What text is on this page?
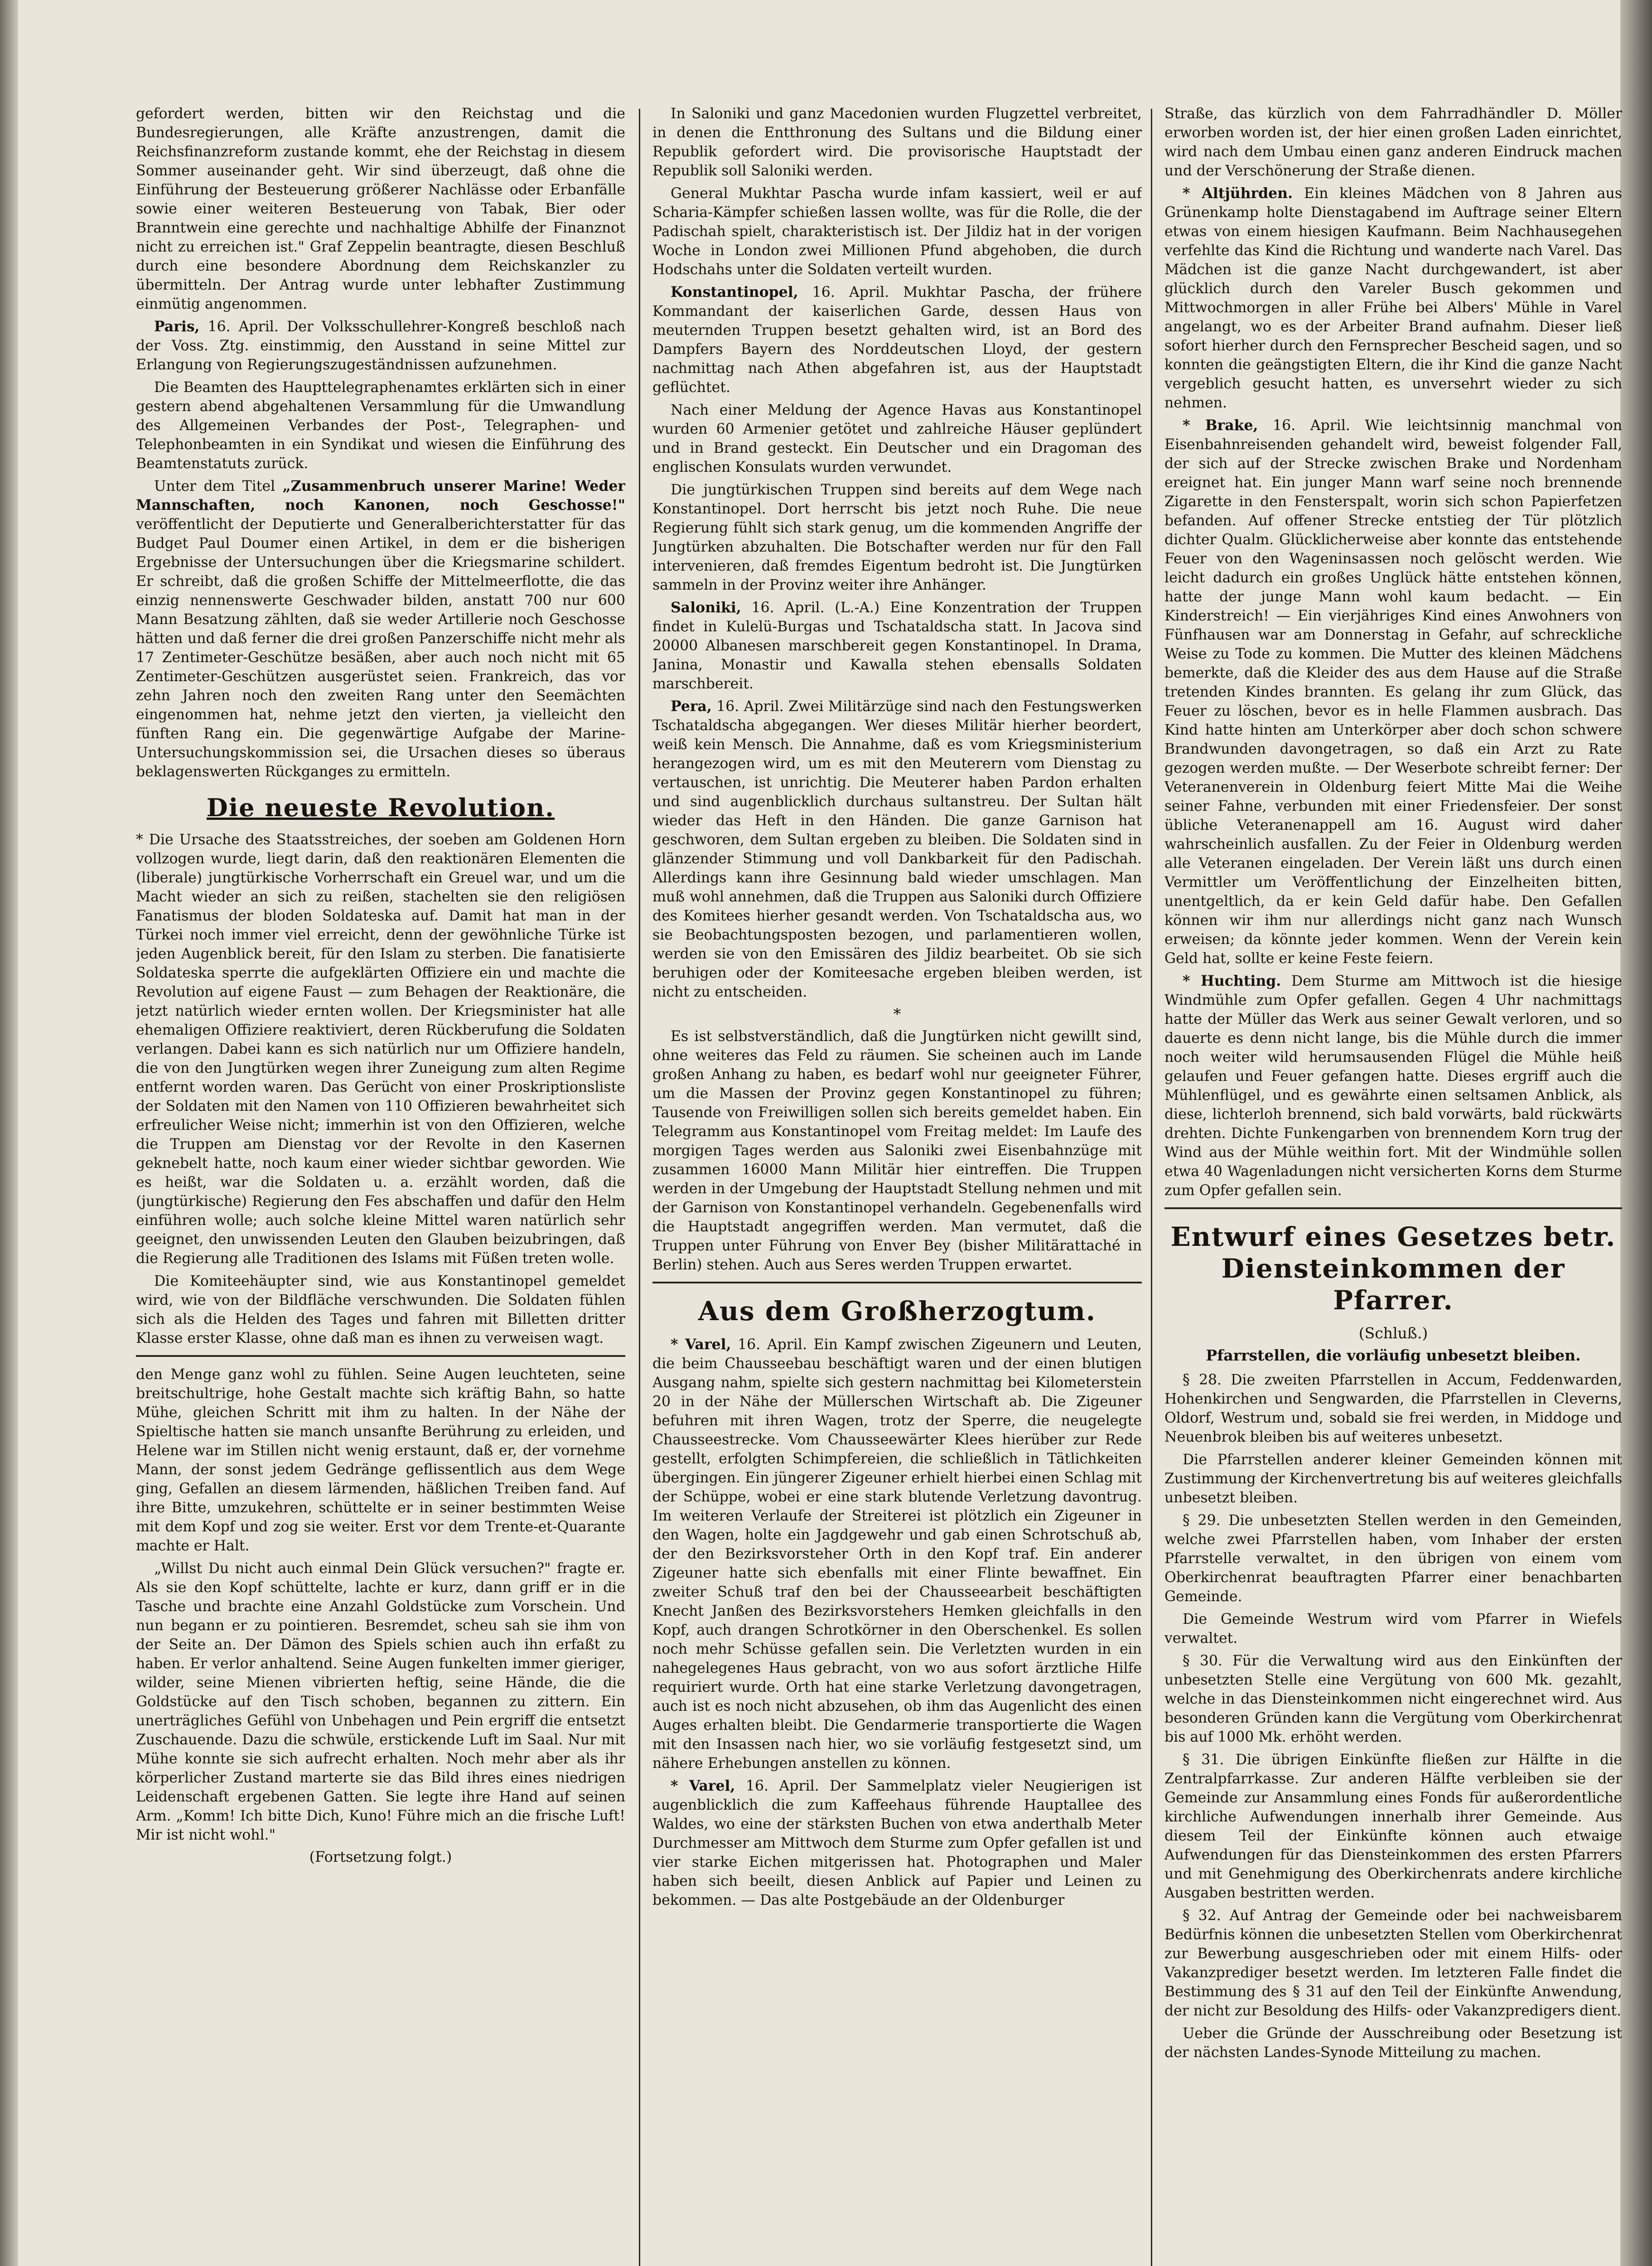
gefordert werden, bitten wir den Reichstag und die Bundesregierungen, alle Kräfte anzustrengen, damit die Reichsfinanzreform zustande kommt, ehe der Reichstag in diesem Sommer auseinander geht. Wir sind überzeugt, daß ohne die Einführung der Besteuerung größerer Nachlässe oder Erbanfälle sowie einer weiteren Besteuerung von Tabak, Bier oder Branntwein eine gerechte und nachhaltige Abhilfe der Finanznot nicht zu erreichen ist." Graf Zeppelin beantragte, diesen Beschluß durch eine besondere Abordnung dem Reichskanzler zu übermitteln. Der Antrag wurde unter lebhafter Zustimmung einmütig angenommen.

Paris, 16. April. Der Volksschullehrer-Kongreß beschloß nach der Voss. Ztg. einstimmig, den Ausstand in seine Mittel zur Erlangung von Regierungszugeständnissen aufzunehmen.

Die Beamten des Haupttelegraphenamtes erklärten sich in einer gestern abend abgehaltenen Versammlung für die Umwandlung des Allgemeinen Verbandes der Post-, Telegraphen- und Telephonbeamten in ein Syndikat und wiesen die Einführung des Beamtenstatuts zurück.

Unter dem Titel „Zusammenbruch unserer Marine! Weder Mannschaften, noch Kanonen, noch Geschosse!" veröffentlicht der Deputierte und Generalberichterstatter für das Budget Paul Doumer einen Artikel, in dem er die bisherigen Ergebnisse der Untersuchungen über die Kriegsmarine schildert. Er schreibt, daß die großen Schiffe der Mittelmeerflotte, die das einzig nennenswerte Geschwader bilden, anstatt 700 nur 600 Mann Besatzung zählten, daß sie weder Artillerie noch Geschosse hätten und daß ferner die drei großen Panzerschiffe nicht mehr als 17 Zentimeter-Geschütze besäßen, aber auch noch nicht mit 65 Zentimeter-Geschützen ausgerüstet seien. Frankreich, das vor zehn Jahren noch den zweiten Rang unter den Seemächten eingenommen hat, nehme jetzt den vierten, ja vielleicht den fünften Rang ein. Die gegenwärtige Aufgabe der Marine-Untersuchungskommission sei, die Ursachen dieses so überaus beklagenswerten Rückganges zu ermitteln.

Die neueste Revolution.

* Die Ursache des Staatsstreiches, der soeben am Goldenen Horn vollzogen wurde, liegt darin, daß den reaktionären Elementen die (liberale) jungtürkische Vorherrschaft ein Greuel war, und um die Macht wieder an sich zu reißen, stachelten sie den religiösen Fanatismus der bloden Soldateska auf. Damit hat man in der Türkei noch immer viel erreicht, denn der gewöhnliche Türke ist jeden Augenblick bereit, für den Islam zu sterben. Die fanatisierte Soldateska sperrte die aufgeklärten Offiziere ein und machte die Revolution auf eigene Faust — zum Behagen der Reaktionäre, die jetzt natürlich wieder ernten wollen. Der Kriegsminister hat alle ehemaligen Offiziere reaktiviert, deren Rückberufung die Soldaten verlangen. Dabei kann es sich natürlich nur um Offiziere handeln, die von den Jungtürken wegen ihrer Zuneigung zum alten Regime entfernt worden waren. Das Gerücht von einer Proskriptionsliste der Soldaten mit den Namen von 110 Offizieren bewahrheitet sich erfreulicher Weise nicht; immerhin ist von den Offizieren, welche die Truppen am Dienstag vor der Revolte in den Kasernen geknebelt hatte, noch kaum einer wieder sichtbar geworden. Wie es heißt, war die Soldaten u. a. erzählt worden, daß die (jungtürkische) Regierung den Fes abschaffen und dafür den Helm einführen wolle; auch solche kleine Mittel waren natürlich sehr geeignet, den unwissenden Leuten den Glauben beizubringen, daß die Regierung alle Traditionen des Islams mit Füßen treten wolle.

Die Komiteehäupter sind, wie aus Konstantinopel gemeldet wird, wie von der Bildfläche verschwunden. Die Soldaten fühlen sich als die Helden des Tages und fahren mit Billetten dritter Klasse erster Klasse, ohne daß man es ihnen zu verweisen wagt.

den Menge ganz wohl zu fühlen. Seine Augen leuchteten, seine breitschultrige, hohe Gestalt machte sich kräftig Bahn, so hatte Mühe, gleichen Schritt mit ihm zu halten. In der Nähe der Spieltische hatten sie manch unsanfte Berührung zu erleiden, und Helene war im Stillen nicht wenig erstaunt, daß er, der vornehme Mann, der sonst jedem Gedränge geflissentlich aus dem Wege ging, Gefallen an diesem lärmenden, häßlichen Treiben fand. Auf ihre Bitte, umzukehren, schüttelte er in seiner bestimmten Weise mit dem Kopf und zog sie weiter. Erst vor dem Trente-et-Quarante machte er Halt.

„Willst Du nicht auch einmal Dein Glück versuchen?" fragte er. Als sie den Kopf schüttelte, lachte er kurz, dann griff er in die Tasche und brachte eine Anzahl Goldstücke zum Vorschein. Und nun begann er zu pointieren. Besremdet, scheu sah sie ihm von der Seite an. Der Dämon des Spiels schien auch ihn erfaßt zu haben. Er verlor anhaltend. Seine Augen funkelten immer gieriger, wilder, seine Mienen vibrierten heftig, seine Hände, die die Goldstücke auf den Tisch schoben, begannen zu zittern. Ein unerträgliches Gefühl von Unbehagen und Pein ergriff die entsetzt Zuschauende. Dazu die schwüle, erstickende Luft im Saal. Nur mit Mühe konnte sie sich aufrecht erhalten. Noch mehr aber als ihr körperlicher Zustand marterte sie das Bild ihres eines niedrigen Leidenschaft ergebenen Gatten. Sie legte ihre Hand auf seinen Arm. „Komm! Ich bitte Dich, Kuno! Führe mich an die frische Luft! Mir ist nicht wohl."

(Fortsetzung folgt.)

In Saloniki und ganz Macedonien wurden Flugzettel verbreitet, in denen die Entthronung des Sultans und die Bildung einer Republik gefordert wird. Die provisorische Hauptstadt der Republik soll Saloniki werden.

General Mukhtar Pascha wurde infam kassiert, weil er auf Scharia-Kämpfer schießen lassen wollte, was für die Rolle, die der Padischah spielt, charakteristisch ist. Der Jildiz hat in der vorigen Woche in London zwei Millionen Pfund abgehoben, die durch Hodschahs unter die Soldaten verteilt wurden.

Konstantinopel, 16. April. Mukhtar Pascha, der frühere Kommandant der kaiserlichen Garde, dessen Haus von meuternden Truppen besetzt gehalten wird, ist an Bord des Dampfers Bayern des Norddeutschen Lloyd, der gestern nachmittag nach Athen abgefahren ist, aus der Hauptstadt geflüchtet.

Nach einer Meldung der Agence Havas aus Konstantinopel wurden 60 Armenier getötet und zahlreiche Häuser geplündert und in Brand gesteckt. Ein Deutscher und ein Dragoman des englischen Konsulats wurden verwundet.

Die jungtürkischen Truppen sind bereits auf dem Wege nach Konstantinopel. Dort herrscht bis jetzt noch Ruhe. Die neue Regierung fühlt sich stark genug, um die kommenden Angriffe der Jungtürken abzuhalten. Die Botschafter werden nur für den Fall intervenieren, daß fremdes Eigentum bedroht ist. Die Jungtürken sammeln in der Provinz weiter ihre Anhänger.

Saloniki, 16. April. (L.-A.) Eine Konzentration der Truppen findet in Kulelü-Burgas und Tschataldscha statt. In Jacova sind 20000 Albanesen marschbereit gegen Konstantinopel. In Drama, Janina, Monastir und Kawalla stehen ebensalls Soldaten marschbereit.

Pera, 16. April. Zwei Militärzüge sind nach den Festungswerken Tschataldscha abgegangen. Wer dieses Militär hierher beordert, weiß kein Mensch. Die Annahme, daß es vom Kriegsministerium herangezogen wird, um es mit den Meuterern vom Dienstag zu vertauschen, ist unrichtig. Die Meuterer haben Pardon erhalten und sind augenblicklich durchaus sultanstreu. Der Sultan hält wieder das Heft in den Händen. Die ganze Garnison hat geschworen, dem Sultan ergeben zu bleiben. Die Soldaten sind in glänzender Stimmung und voll Dankbarkeit für den Padischah. Allerdings kann ihre Gesinnung bald wieder umschlagen. Man muß wohl annehmen, daß die Truppen aus Saloniki durch Offiziere des Komitees hierher gesandt werden. Von Tschataldscha aus, wo sie Beobachtungsposten bezogen, und parlamentieren wollen, werden sie von den Emissären des Jildiz bearbeitet. Ob sie sich beruhigen oder der Komiteesache ergeben bleiben werden, ist nicht zu entscheiden.

*

Es ist selbstverständlich, daß die Jungtürken nicht gewillt sind, ohne weiteres das Feld zu räumen. Sie scheinen auch im Lande großen Anhang zu haben, es bedarf wohl nur geeigneter Führer, um die Massen der Provinz gegen Konstantinopel zu führen; Tausende von Freiwilligen sollen sich bereits gemeldet haben. Ein Telegramm aus Konstantinopel vom Freitag meldet: Im Laufe des morgigen Tages werden aus Saloniki zwei Eisenbahnzüge mit zusammen 16000 Mann Militär hier eintreffen. Die Truppen werden in der Umgebung der Hauptstadt Stellung nehmen und mit der Garnison von Konstantinopel verhandeln. Gegebenenfalls wird die Hauptstadt angegriffen werden. Man vermutet, daß die Truppen unter Führung von Enver Bey (bisher Militärattaché in Berlin) stehen. Auch aus Seres werden Truppen erwartet.

Aus dem Großherzogtum.

* Varel, 16. April. Ein Kampf zwischen Zigeunern und Leuten, die beim Chausseebau beschäftigt waren und der einen blutigen Ausgang nahm, spielte sich gestern nachmittag bei Kilometerstein 20 in der Nähe der Müllerschen Wirtschaft ab. Die Zigeuner befuhren mit ihren Wagen, trotz der Sperre, die neugelegte Chausseestrecke. Vom Chausseewärter Klees hierüber zur Rede gestellt, erfolgten Schimpfereien, die schließlich in Tätlichkeiten übergingen. Ein jüngerer Zigeuner erhielt hierbei einen Schlag mit der Schüppe, wobei er eine stark blutende Verletzung davontrug. Im weiteren Verlaufe der Streiterei ist plötzlich ein Zigeuner in den Wagen, holte ein Jagdgewehr und gab einen Schrotschuß ab, der den Bezirksvorsteher Orth in den Kopf traf. Ein anderer Zigeuner hatte sich ebenfalls mit einer Flinte bewaffnet. Ein zweiter Schuß traf den bei der Chausseearbeit beschäftigten Knecht Janßen des Bezirksvorstehers Hemken gleichfalls in den Kopf, auch drangen Schrotkörner in den Oberschenkel. Es sollen noch mehr Schüsse gefallen sein. Die Verletzten wurden in ein nahegelegenes Haus gebracht, von wo aus sofort ärztliche Hilfe requiriert wurde. Orth hat eine starke Verletzung davongetragen, auch ist es noch nicht abzusehen, ob ihm das Augenlicht des einen Auges erhalten bleibt. Die Gendarmerie transportierte die Wagen mit den Insassen nach hier, wo sie vorläufig festgesetzt sind, um nähere Erhebungen anstellen zu können.

* Varel, 16. April. Der Sammelplatz vieler Neugierigen ist augenblicklich die zum Kaffeehaus führende Hauptallee des Waldes, wo eine der stärksten Buchen von etwa anderthalb Meter Durchmesser am Mittwoch dem Sturme zum Opfer gefallen ist und vier starke Eichen mitgerissen hat. Photographen und Maler haben sich beeilt, diesen Anblick auf Papier und Leinen zu bekommen. — Das alte Postgebäude an der Oldenburger

Straße, das kürzlich von dem Fahrradhändler D. Möller erworben worden ist, der hier einen großen Laden einrichtet, wird nach dem Umbau einen ganz anderen Eindruck machen und der Verschönerung der Straße dienen.

* Altjührden. Ein kleines Mädchen von 8 Jahren aus Grünenkamp holte Dienstagabend im Auftrage seiner Eltern etwas von einem hiesigen Kaufmann. Beim Nachhausegehen verfehlte das Kind die Richtung und wanderte nach Varel. Das Mädchen ist die ganze Nacht durchgewandert, ist aber glücklich durch den Vareler Busch gekommen und Mittwochmorgen in aller Frühe bei Albers' Mühle in Varel angelangt, wo es der Arbeiter Brand aufnahm. Dieser ließ sofort hierher durch den Fernsprecher Bescheid sagen, und so konnten die geängstigten Eltern, die ihr Kind die ganze Nacht vergeblich gesucht hatten, es unversehrt wieder zu sich nehmen.

* Brake, 16. April. Wie leichtsinnig manchmal von Eisenbahnreisenden gehandelt wird, beweist folgender Fall, der sich auf der Strecke zwischen Brake und Nordenham ereignet hat. Ein junger Mann warf seine noch brennende Zigarette in den Fensterspalt, worin sich schon Papierfetzen befanden. Auf offener Strecke entstieg der Tür plötzlich dichter Qualm. Glücklicherweise aber konnte das entstehende Feuer von den Wageninsassen noch gelöscht werden. Wie leicht dadurch ein großes Unglück hätte entstehen können, hatte der junge Mann wohl kaum bedacht. — Ein Kinderstreich! — Ein vierjähriges Kind eines Anwohners von Fünfhausen war am Donnerstag in Gefahr, auf schreckliche Weise zu Tode zu kommen. Die Mutter des kleinen Mädchens bemerkte, daß die Kleider des aus dem Hause auf die Straße tretenden Kindes brannten. Es gelang ihr zum Glück, das Feuer zu löschen, bevor es in helle Flammen ausbrach. Das Kind hatte hinten am Unterkörper aber doch schon schwere Brandwunden davongetragen, so daß ein Arzt zu Rate gezogen werden mußte. — Der Weserbote schreibt ferner: Der Veteranenverein in Oldenburg feiert Mitte Mai die Weihe seiner Fahne, verbunden mit einer Friedensfeier. Der sonst übliche Veteranenappell am 16. August wird daher wahrscheinlich ausfallen. Zu der Feier in Oldenburg werden alle Veteranen eingeladen. Der Verein läßt uns durch einen Vermittler um Veröffentlichung der Einzelheiten bitten, unentgeltlich, da er kein Geld dafür habe. Den Gefallen können wir ihm nur allerdings nicht ganz nach Wunsch erweisen; da könnte jeder kommen. Wenn der Verein kein Geld hat, sollte er keine Feste feiern.

* Huchting. Dem Sturme am Mittwoch ist die hiesige Windmühle zum Opfer gefallen. Gegen 4 Uhr nachmittags hatte der Müller das Werk aus seiner Gewalt verloren, und so dauerte es denn nicht lange, bis die Mühle durch die immer noch weiter wild herumsausenden Flügel die Mühle heiß gelaufen und Feuer gefangen hatte. Dieses ergriff auch die Mühlenflügel, und es gewährte einen seltsamen Anblick, als diese, lichterloh brennend, sich bald vorwärts, bald rückwärts drehten. Dichte Funkengarben von brennendem Korn trug der Wind aus der Mühle weithin fort. Mit der Windmühle sollen etwa 40 Wagenladungen nicht versicherten Korns dem Sturme zum Opfer gefallen sein.

Entwurf eines Gesetzes betr. Diensteinkommen der Pfarrer.
(Schluß.)
Pfarrstellen, die vorläufig unbesetzt bleiben.

§ 28. Die zweiten Pfarrstellen in Accum, Feddenwarden, Hohenkirchen und Sengwarden, die Pfarrstellen in Cleverns, Oldorf, Westrum und, sobald sie frei werden, in Middoge und Neuenbrok bleiben bis auf weiteres unbesetzt.

Die Pfarrstellen anderer kleiner Gemeinden können mit Zustimmung der Kirchenvertretung bis auf weiteres gleichfalls unbesetzt bleiben.

§ 29. Die unbesetzten Stellen werden in den Gemeinden, welche zwei Pfarrstellen haben, vom Inhaber der ersten Pfarrstelle verwaltet, in den übrigen von einem vom Oberkirchenrat beauftragten Pfarrer einer benachbarten Gemeinde.

Die Gemeinde Westrum wird vom Pfarrer in Wiefels verwaltet.

§ 30. Für die Verwaltung wird aus den Einkünften der unbesetzten Stelle eine Vergütung von 600 Mk. gezahlt, welche in das Diensteinkommen nicht eingerechnet wird. Aus besonderen Gründen kann die Vergütung vom Oberkirchenrat bis auf 1000 Mk. erhöht werden.

§ 31. Die übrigen Einkünfte fließen zur Hälfte in die Zentralpfarrkasse. Zur anderen Hälfte verbleiben sie der Gemeinde zur Ansammlung eines Fonds für außerordentliche kirchliche Aufwendungen innerhalb ihrer Gemeinde. Aus diesem Teil der Einkünfte können auch etwaige Aufwendungen für das Diensteinkommen des ersten Pfarrers und mit Genehmigung des Oberkirchenrats andere kirchliche Ausgaben bestritten werden.

§ 32. Auf Antrag der Gemeinde oder bei nachweisbarem Bedürfnis können die unbesetzten Stellen vom Oberkirchenrat zur Bewerbung ausgeschrieben oder mit einem Hilfs- oder Vakanzprediger besetzt werden. Im letzteren Falle findet die Bestimmung des § 31 auf den Teil der Einkünfte Anwendung, der nicht zur Besoldung des Hilfs- oder Vakanzpredigers dient.

Ueber die Gründe der Ausschreibung oder Besetzung ist der nächsten Landes-Synode Mitteilung zu machen.
